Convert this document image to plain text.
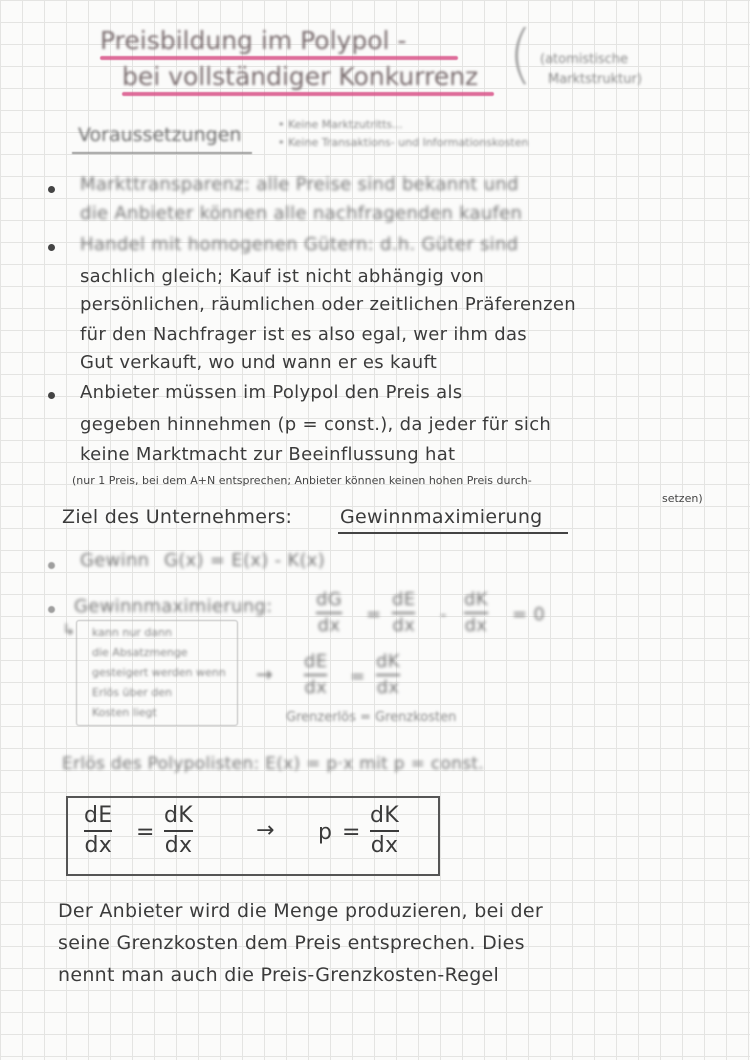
Preisbildung im Polypol -
bei vollständiger Konkurrenz ( (atomistische
Marktstruktur)
Voraussetzungen	• Keine Marktzutritts...
• Keine Transaktions- und Informationskosten
Markttransparenz: alle Preise sind bekannt und
die Anbieter können alle nachfragenden kaufen
Handel mit homogenen Gütern: d.h. Güter sind
sachlich gleich; Kauf ist nicht abhängig von
persönlichen, räumlichen oder zeitlichen Präferenzen
für den Nachfrager ist es also egal, wer ihm das
Gut verkauft, wo und wann er es kauft
Anbieter müssen im Polypol den Preis als
gegeben hinnehmen (p = const.), da jeder für sich
keine Marktmacht zur Beeinflussung hat
(nur 1 Preis, bei dem A+N entsprechen; Anbieter können keinen hohen Preis durch-
setzen)
Ziel des Unternehmers:	Gewinnmaximierung
Gewinn G(x) = E(x) - K(x)
Gewinnmaximierung: dG
dx
=
dE
dx
-
dK
dx
= 0
↳ kann nur dann
die Absatzmenge
gesteigert werden wenn
Erlös über den
Kosten liegt
→
dE
dx
=
dK
dx
Grenzerlös = Grenzkosten
Erlös des Polypolisten: E(x) = p·x mit p = const.
dE
dx
=
dK
dx
→ p =
dK
dx
Der Anbieter wird die Menge produzieren, bei der
seine Grenzkosten dem Preis entsprechen. Dies
nennt man auch die Preis-Grenzkosten-Regel
